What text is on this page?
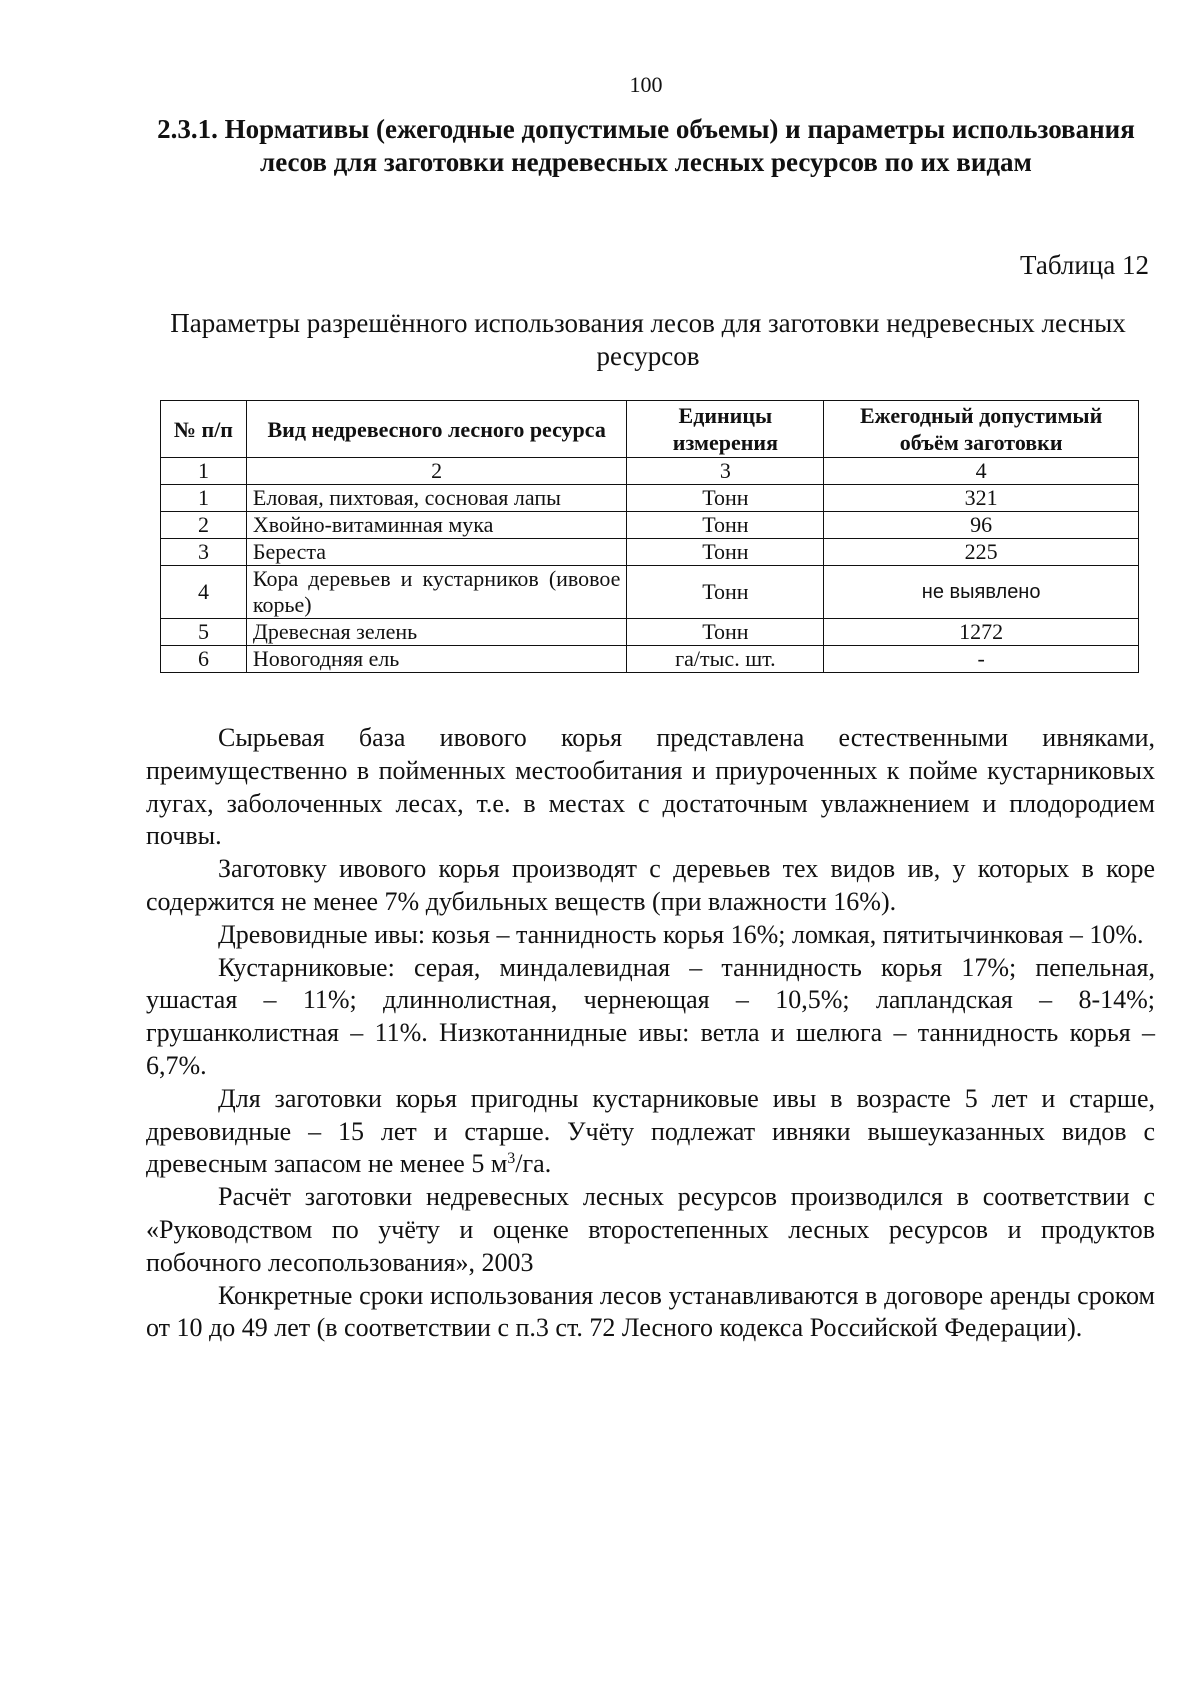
100
2.3.1. Нормативы (ежегодные допустимые объемы) и параметры использования лесов для заготовки недревесных лесных ресурсов по их видам
Таблица 12
Параметры разрешённого использования лесов для заготовки недревесных лесных ресурсов
№ п/п	Вид недревесного лесного ресурса	Единицы измерения	Ежегодный допустимый объём заготовки
1	2	3	4
1	Еловая, пихтовая, сосновая лапы	Тонн	321
2	Хвойно-витаминная мука	Тонн	96
3	Береста	Тонн	225
4	Кора деревьев и кустарников (ивовое корье)	Тонн	не выявлено
5	Древесная зелень	Тонн	1272
6	Новогодняя ель	га/тыс. шт.	-

Сырьевая база ивового корья представлена естественными ивняками, преимущественно в пойменных местообитания и приуроченных к пойме кустарниковых лугах, заболоченных лесах, т.е. в местах с достаточным увлажнением и плодородием почвы.

Заготовку ивового корья производят с деревьев тех видов ив, у которых в коре содержится не менее 7% дубильных веществ (при влажности 16%).

Древовидные ивы: козья – таннидность корья 16%; ломкая, пятитычинковая – 10%.

Кустарниковые: серая, миндалевидная – таннидность корья 17%; пепельная, ушастая – 11%; длиннолистная, чернеющая – 10,5%; лапландская – 8-14%; грушанколистная – 11%. Низкотаннидные ивы: ветла и шелюга – таннидность корья – 6,7%.

Для заготовки корья пригодны кустарниковые ивы в возрасте 5 лет и старше, древовидные – 15 лет и старше. Учёту подлежат ивняки вышеуказанных видов с древесным запасом не менее 5 $м^3/га$.

Расчёт заготовки недревесных лесных ресурсов производился в соответствии с «Руководством по учёту и оценке второстепенных лесных ресурсов и продуктов побочного лесопользования», 2003

Конкретные сроки использования лесов устанавливаются в договоре аренды сроком от 10 до 49 лет (в соответствии с п.3 ст. 72 Лесного кодекса Российской Федерации).
